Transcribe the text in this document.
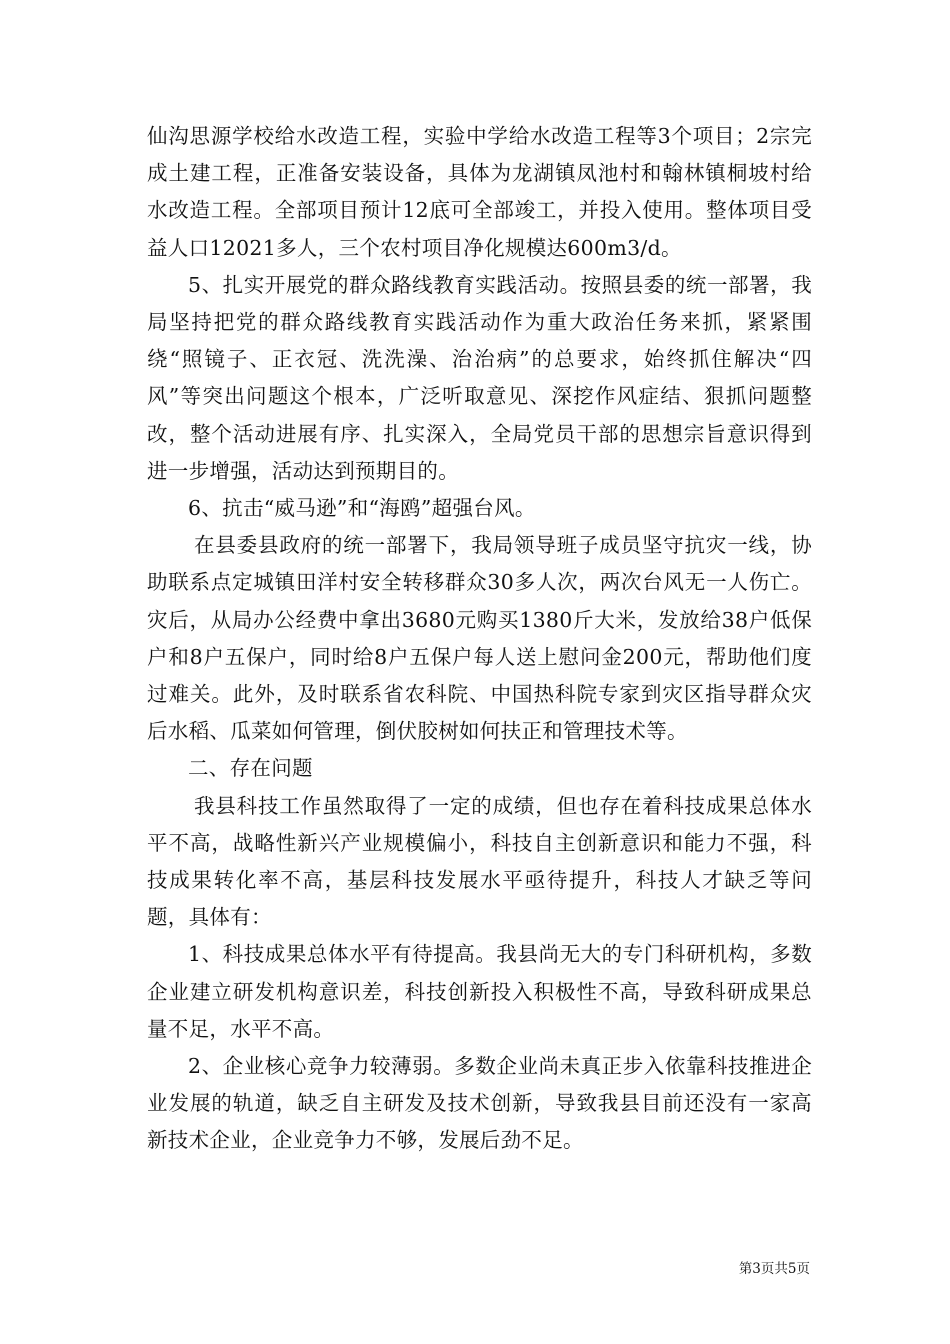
仙沟思源学校给水改造工程，实验中学给水改造工程等3个项目；2宗完成土建工程，正准备安装设备，具体为龙湖镇凤池村和翰林镇桐坡村给水改造工程。全部项目预计12底可全部竣工，并投入使用。整体项目受益人口12021多人，三个农村项目净化规模达600m3/d。

5、扎实开展党的群众路线教育实践活动。按照县委的统一部署，我局坚持把党的群众路线教育实践活动作为重大政治任务来抓，紧紧围绕“照镜子、正衣冠、洗洗澡、治治病”的总要求，始终抓住解决“四风”等突出问题这个根本，广泛听取意见、深挖作风症结、狠抓问题整改，整个活动进展有序、扎实深入，全局党员干部的思想宗旨意识得到进一步增强，活动达到预期目的。

6、抗击“威马逊”和“海鸥”超强台风。

在县委县政府的统一部署下，我局领导班子成员坚守抗灾一线，协助联系点定城镇田洋村安全转移群众30多人次，两次台风无一人伤亡。灾后，从局办公经费中拿出3680元购买1380斤大米，发放给38户低保户和8户五保户，同时给8户五保户每人送上慰问金200元，帮助他们度过难关。此外，及时联系省农科院、中国热科院专家到灾区指导群众灾后水稻、瓜菜如何管理，倒伏胶树如何扶正和管理技术等。

二、存在问题

我县科技工作虽然取得了一定的成绩，但也存在着科技成果总体水平不高，战略性新兴产业规模偏小，科技自主创新意识和能力不强，科技成果转化率不高，基层科技发展水平亟待提升，科技人才缺乏等问题，具体有：

1、科技成果总体水平有待提高。我县尚无大的专门科研机构，多数企业建立研发机构意识差，科技创新投入积极性不高，导致科研成果总量不足，水平不高。

2、企业核心竞争力较薄弱。多数企业尚未真正步入依靠科技推进企业发展的轨道，缺乏自主研发及技术创新，导致我县目前还没有一家高新技术企业，企业竞争力不够，发展后劲不足。

第3页共5页
